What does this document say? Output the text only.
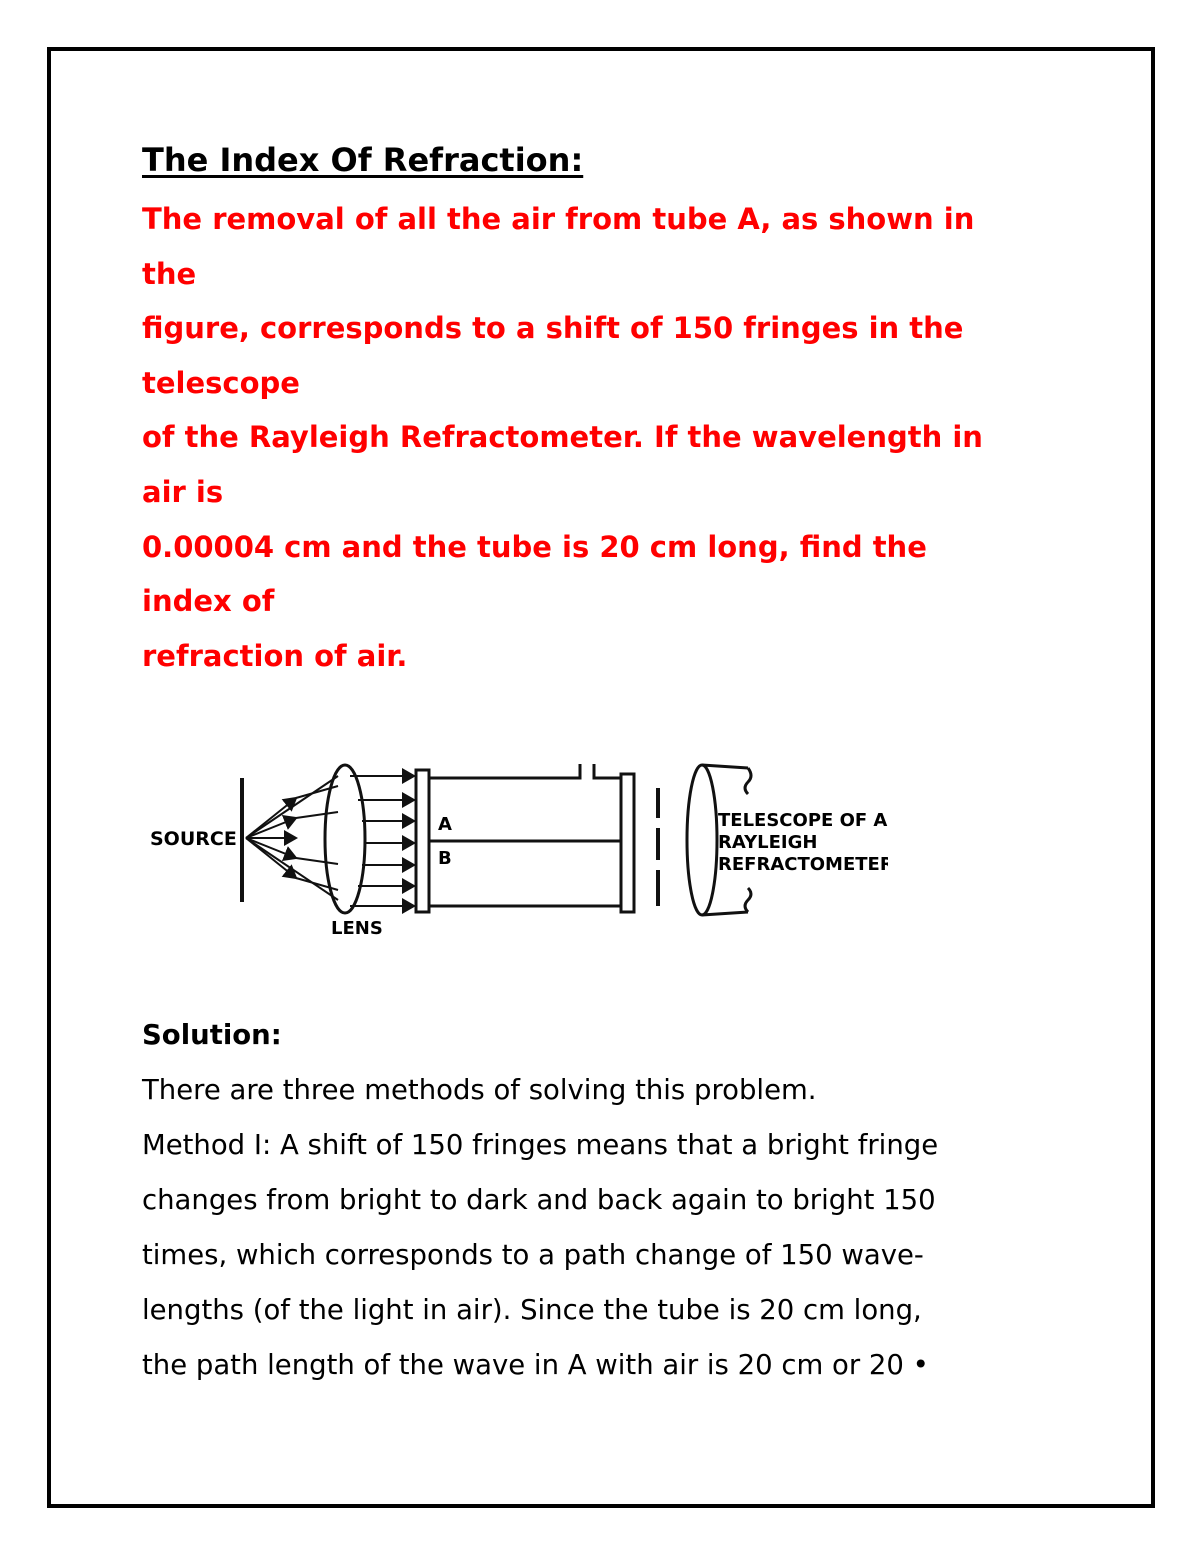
The Index Of Refraction:
The removal of all the air from tube A, as shown in
the
figure, corresponds to a shift of 150 fringes in the
telescope
of the Rayleigh Refractometer. If the wavelength in
air is
0.00004 cm and the tube is 20 cm long, find the
index of
refraction of air.
SOURCE
LENS
A
B
TELESCOPE OF A
RAYLEIGH
REFRACTOMETER
Solution:
There are three methods of solving this problem.
Method I: A shift of 150 fringes means that a bright fringe
changes from bright to dark and back again to bright 150
times, which corresponds to a path change of 150 wave-
lengths (of the light in air). Since the tube is 20 cm long,
the path length of the wave in A with air is 20 cm or 20 •
